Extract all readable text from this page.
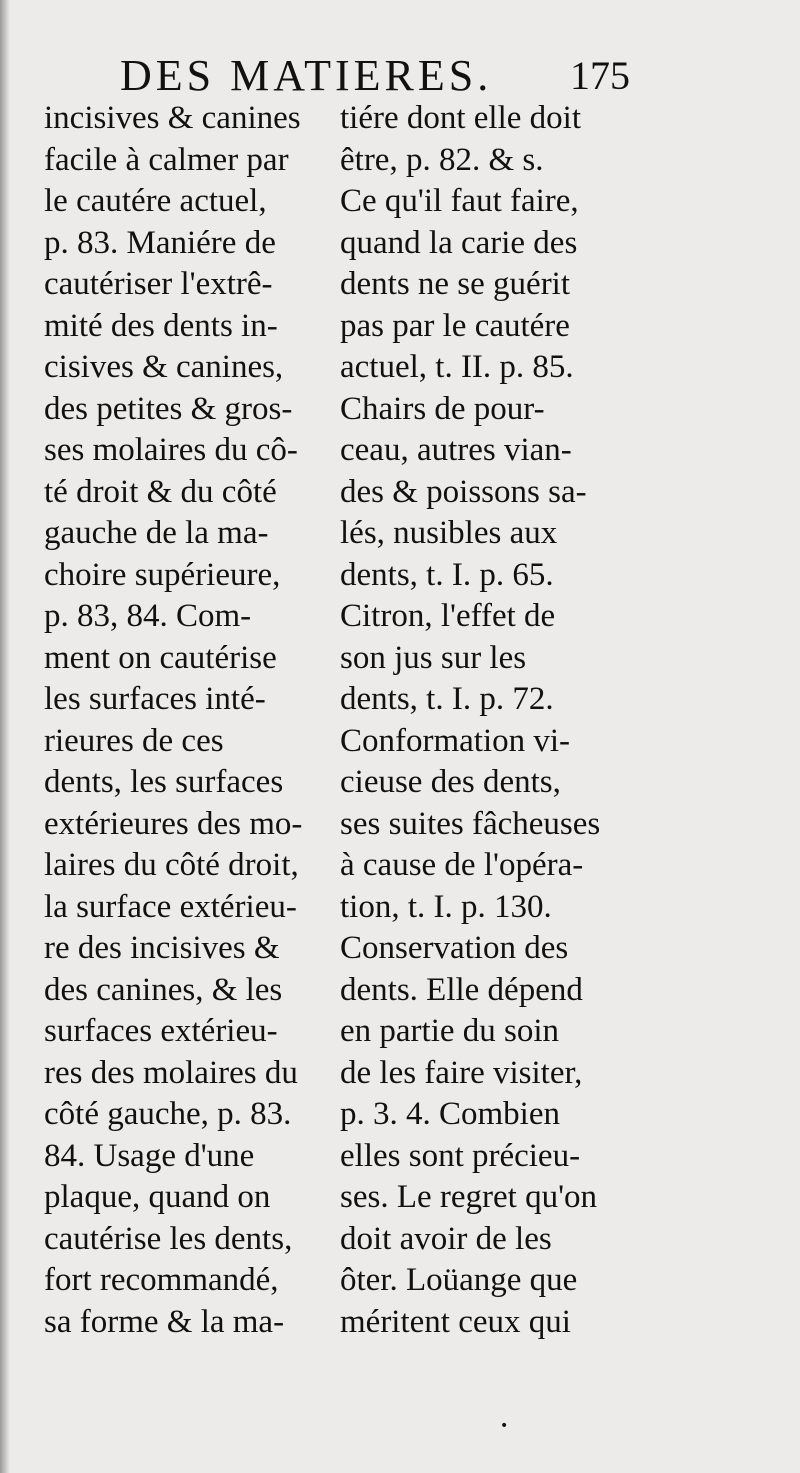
DES MATIERES. 175
incisives & canines
facile à calmer par
le cautére actuel,
p. 83. Maniére de
cautériser l'extrê-
mité des dents in-
cisives & canines,
des petites & gros-
ses molaires du cô-
té droit & du côté
gauche de la ma-
choire supérieure,
p. 83, 84. Com-
ment on cautérise
les surfaces inté-
rieures de ces
dents, les surfaces
extérieures des mo-
laires du côté droit,
la surface extérieu-
re des incisives &
des canines, & les
surfaces extérieu-
res des molaires du
côté gauche, p. 83.
84. Usage d'une
plaque, quand on
cautérise les dents,
fort recommandé,
sa forme & la ma-
tiére dont elle doit
être, p. 82. & s.
Ce qu'il faut faire,
quand la carie des
dents ne se guérit
pas par le cautére
actuel, t. II. p. 85.
Chairs de pour-
ceau, autres vian-
des & poissons sa-
lés, nusibles aux
dents, t. I. p. 65.
Citron, l'effet de
son jus sur les
dents, t. I. p. 72.
Conformation vi-
cieuse des dents,
ses suites fâcheuses
à cause de l'opéra-
tion, t. I. p. 130.
Conservation des
dents. Elle dépend
en partie du soin
de les faire visiter,
p. 3. 4. Combien
elles sont précieu-
ses. Le regret qu'on
doit avoir de les
ôter. Loüange que
méritent ceux qui
•
